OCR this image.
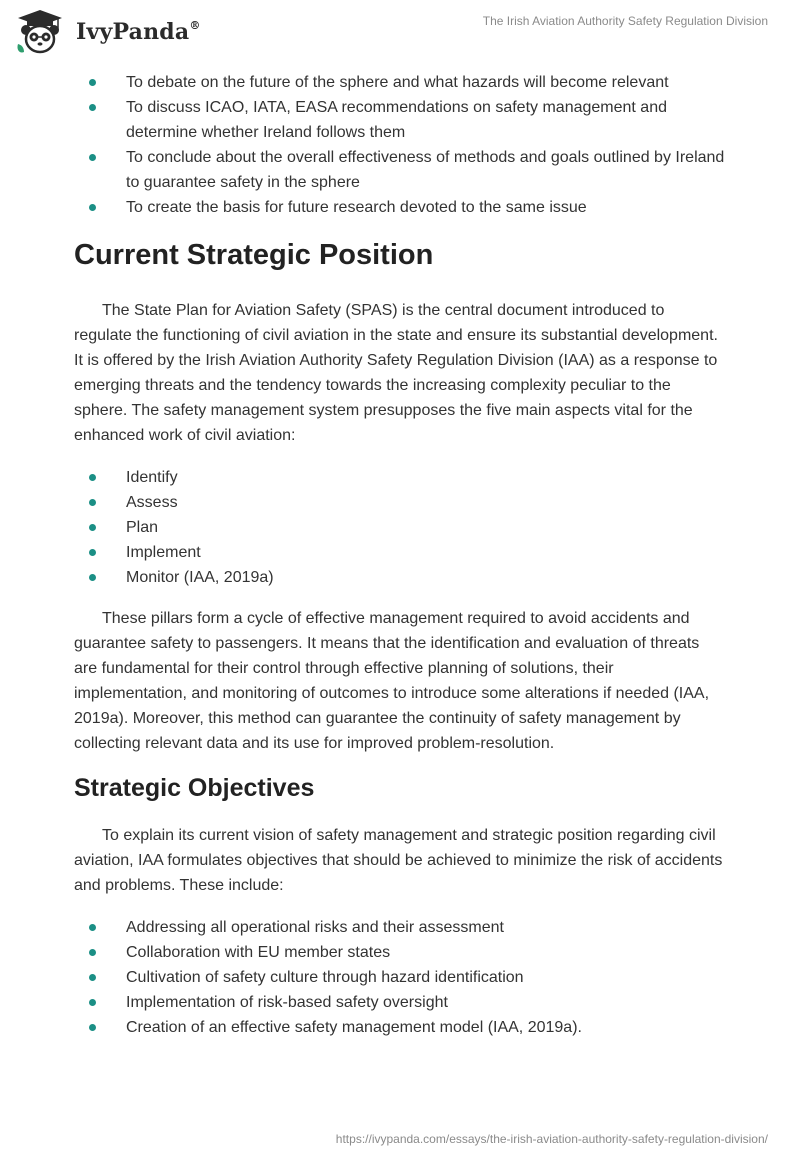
IvyPanda®	The Irish Aviation Authority Safety Regulation Division
To debate on the future of the sphere and what hazards will become relevant
To discuss ICAO, IATA, EASA recommendations on safety management and determine whether Ireland follows them
To conclude about the overall effectiveness of methods and goals outlined by Ireland to guarantee safety in the sphere
To create the basis for future research devoted to the same issue
Current Strategic Position

The State Plan for Aviation Safety (SPAS) is the central document introduced to regulate the functioning of civil aviation in the state and ensure its substantial development. It is offered by the Irish Aviation Authority Safety Regulation Division (IAA) as a response to emerging threats and the tendency towards the increasing complexity peculiar to the sphere. The safety management system presupposes the five main aspects vital for the enhanced work of civil aviation:

Identify
Assess
Plan
Implement
Monitor (IAA, 2019a)

These pillars form a cycle of effective management required to avoid accidents and guarantee safety to passengers. It means that the identification and evaluation of threats are fundamental for their control through effective planning of solutions, their implementation, and monitoring of outcomes to introduce some alterations if needed (IAA, 2019a). Moreover, this method can guarantee the continuity of safety management by collecting relevant data and its use for improved problem-resolution.

Strategic Objectives

To explain its current vision of safety management and strategic position regarding civil aviation, IAA formulates objectives that should be achieved to minimize the risk of accidents and problems. These include:

Addressing all operational risks and their assessment
Collaboration with EU member states
Cultivation of safety culture through hazard identification
Implementation of risk-based safety oversight
Creation of an effective safety management model (IAA, 2019a).
https://ivypanda.com/essays/the-irish-aviation-authority-safety-regulation-division/
